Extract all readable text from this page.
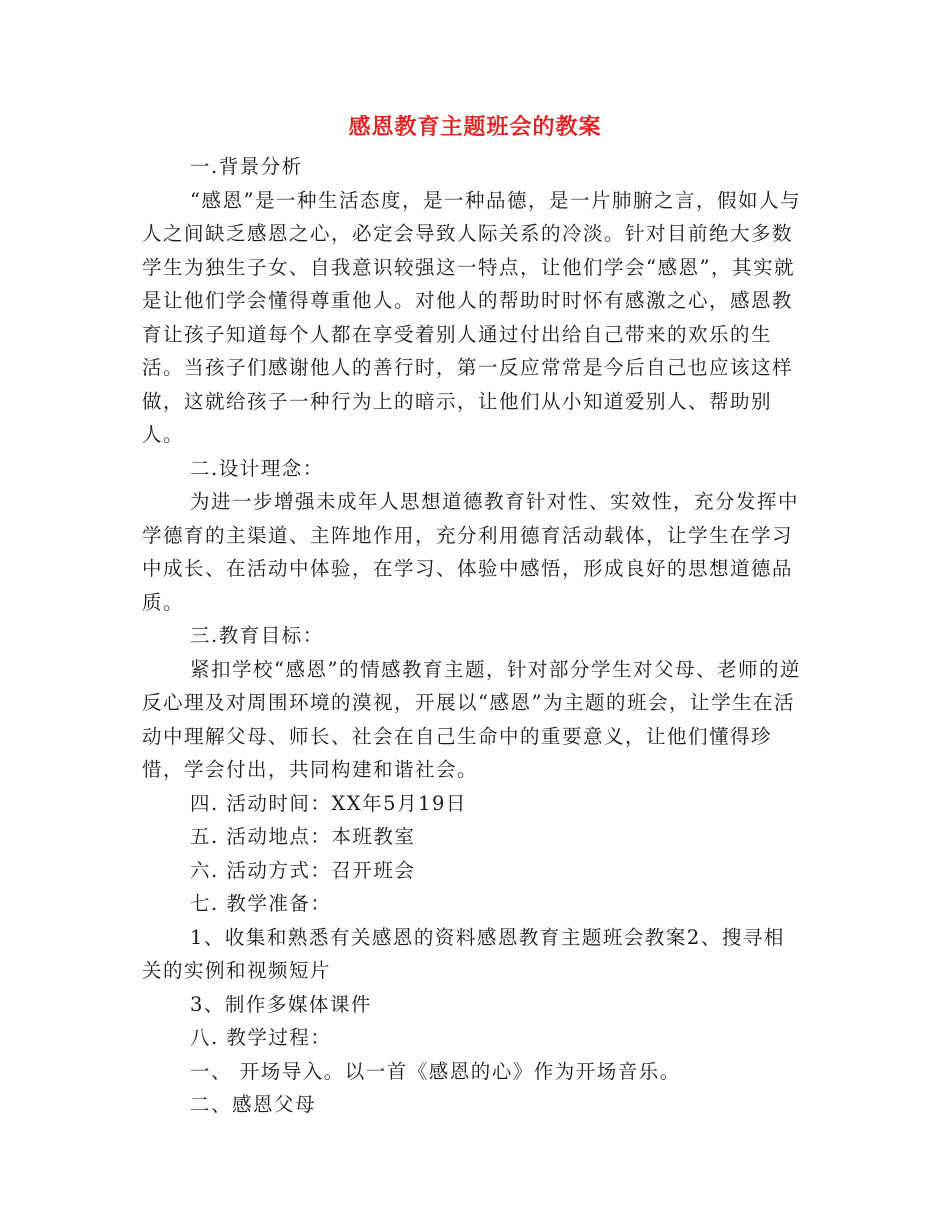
感恩教育主题班会的教案

一.背景分析

“感恩”是一种生活态度，是一种品德，是一片肺腑之言，假如人与人之间缺乏感恩之心，必定会导致人际关系的冷淡。针对目前绝大多数学生为独生子女、自我意识较强这一特点，让他们学会“感恩”，其实就是让他们学会懂得尊重他人。对他人的帮助时时怀有感激之心，感恩教育让孩子知道每个人都在享受着别人通过付出给自己带来的欢乐的生活。当孩子们感谢他人的善行时，第一反应常常是今后自己也应该这样做，这就给孩子一种行为上的暗示，让他们从小知道爱别人、帮助别人。

二.设计理念：

为进一步增强未成年人思想道德教育针对性、实效性，充分发挥中学德育的主渠道、主阵地作用，充分利用德育活动载体，让学生在学习中成长、在活动中体验，在学习、体验中感悟，形成良好的思想道德品质。

三.教育目标：

紧扣学校“感恩”的情感教育主题，针对部分学生对父母、老师的逆反心理及对周围环境的漠视，开展以“感恩”为主题的班会，让学生在活动中理解父母、师长、社会在自己生命中的重要意义，让他们懂得珍惜，学会付出，共同构建和谐社会。

四. 活动时间：XX年5月19日

五. 活动地点：本班教室

六. 活动方式：召开班会

七. 教学准备：

1、收集和熟悉有关感恩的资料感恩教育主题班会教案2、搜寻相关的实例和视频短片

3、制作多媒体课件

八. 教学过程：

一、 开场导入。以一首《感恩的心》作为开场音乐。

二、感恩父母
